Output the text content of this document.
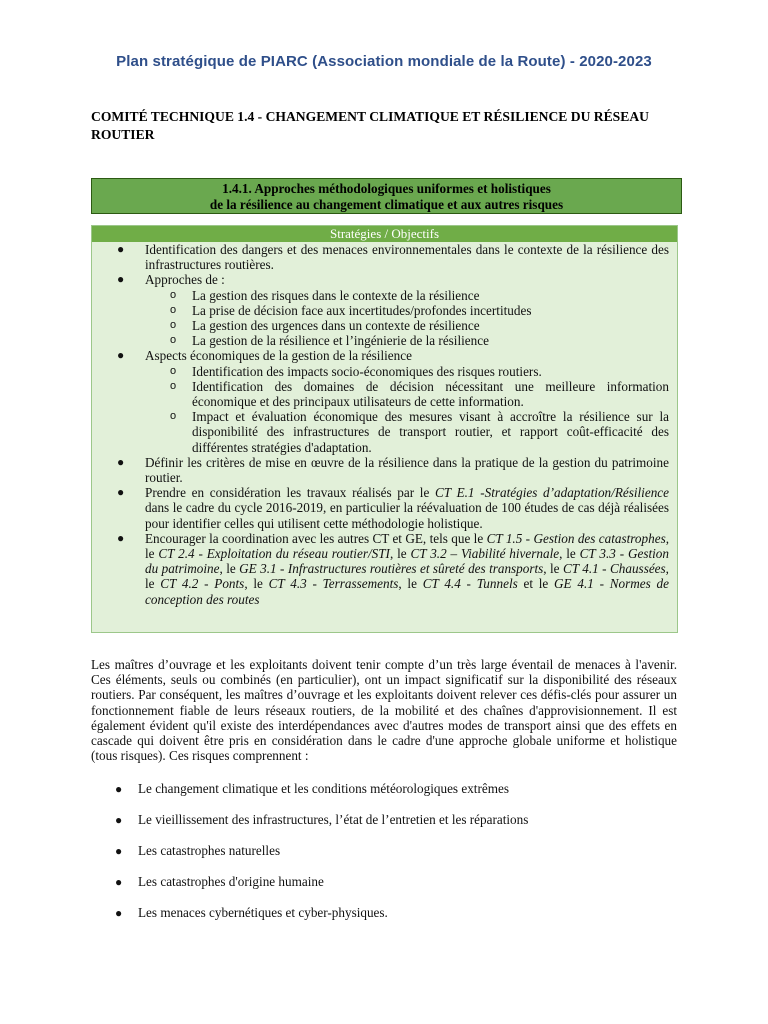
Plan stratégique de PIARC (Association mondiale de la Route) - 2020-2023
COMITÉ TECHNIQUE 1.4 - CHANGEMENT CLIMATIQUE ET RÉSILIENCE DU RÉSEAU ROUTIER
1.4.1. Approches méthodologiques uniformes et holistiques
de la résilience au changement climatique et aux autres risques
Stratégies / Objectifs
● Identification des dangers et des menaces environnementales dans le contexte de la résilience des infrastructures routières.
● Approches de :
o La gestion des risques dans le contexte de la résilience
o La prise de décision face aux incertitudes/profondes incertitudes
o La gestion des urgences dans un contexte de résilience
o La gestion de la résilience et l’ingénierie de la résilience
● Aspects économiques de la gestion de la résilience
o Identification des impacts socio-économiques des risques routiers.
o Identification des domaines de décision nécessitant une meilleure information économique et des principaux utilisateurs de cette information.
o Impact et évaluation économique des mesures visant à accroître la résilience sur la disponibilité des infrastructures de transport routier, et rapport coût-efficacité des différentes stratégies d'adaptation.
● Définir les critères de mise en œuvre de la résilience dans la pratique de la gestion du patrimoine routier.
● Prendre en considération les travaux réalisés par le CT E.1 -Stratégies d’adaptation/Résilience dans le cadre du cycle 2016-2019, en particulier la réévaluation de 100 études de cas déjà réalisées pour identifier celles qui utilisent cette méthodologie holistique.
● Encourager la coordination avec les autres CT et GE, tels que le CT 1.5 - Gestion des catastrophes, le CT 2.4 - Exploitation du réseau routier/STI, le CT 3.2 – Viabilité hivernale, le CT 3.3 - Gestion du patrimoine, le GE 3.1 - Infrastructures routières et sûreté des transports, le CT 4.1 - Chaussées, le CT 4.2 - Ponts, le CT 4.3 - Terrassements, le CT 4.4 - Tunnels et le GE 4.1 - Normes de conception des routes
Les maîtres d’ouvrage et les exploitants doivent tenir compte d’un très large éventail de menaces à l'avenir. Ces éléments, seuls ou combinés (en particulier), ont un impact significatif sur la disponibilité des réseaux routiers. Par conséquent, les maîtres d’ouvrage et les exploitants doivent relever ces défis-clés pour assurer un fonctionnement fiable de leurs réseaux routiers, de la mobilité et des chaînes d'approvisionnement. Il est également évident qu'il existe des interdépendances avec d'autres modes de transport ainsi que des effets en cascade qui doivent être pris en considération dans le cadre d'une approche globale uniforme et holistique (tous risques). Ces risques comprennent :
● Le changement climatique et les conditions météorologiques extrêmes
● Le vieillissement des infrastructures, l’état de l’entretien et les réparations
● Les catastrophes naturelles
● Les catastrophes d'origine humaine
● Les menaces cybernétiques et cyber-physiques.
